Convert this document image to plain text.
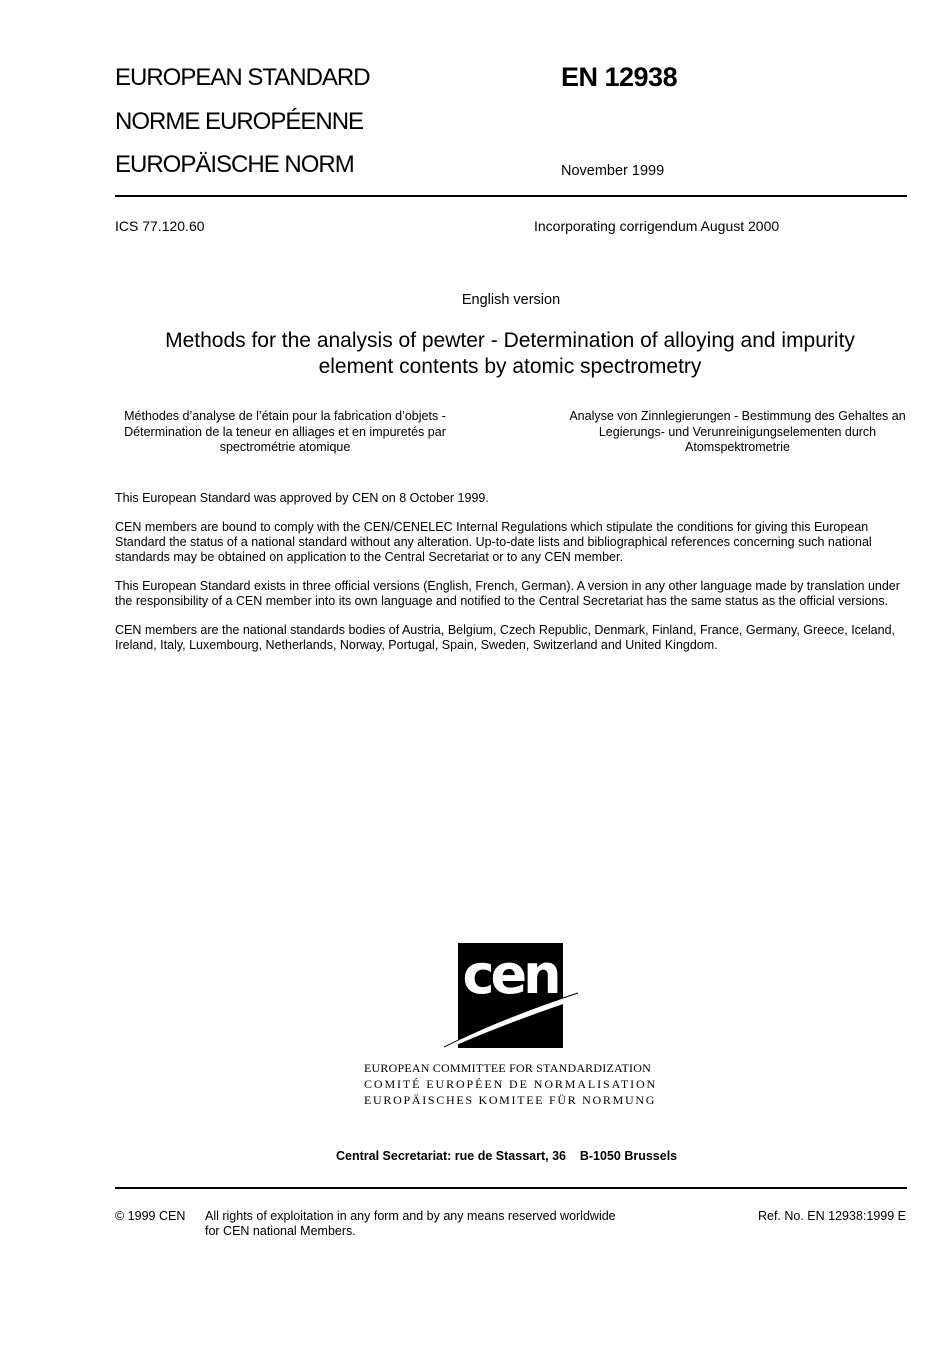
EUROPEAN STANDARD
NORME EUROPÉENNE
EUROPÄISCHE NORM
EN 12938
November 1999
ICS 77.120.60	Incorporating corrigendum August 2000
English version
Methods for the analysis of pewter - Determination of alloying and impurity element contents by atomic spectrometry
Méthodes d’analyse de l’étain pour la fabrication d’objets - Détermination de la teneur en alliages et en impuretés par spectrométrie atomique
Analyse von Zinnlegierungen - Bestimmung des Gehaltes an Legierungs- und Verunreinigungselementen durch Atomspektrometrie

This European Standard was approved by CEN on 8 October 1999.

CEN members are bound to comply with the CEN/CENELEC Internal Regulations which stipulate the conditions for giving this European Standard the status of a national standard without any alteration. Up-to-date lists and bibliographical references concerning such national standards may be obtained on application to the Central Secretariat or to any CEN member.

This European Standard exists in three official versions (English, French, German). A version in any other language made by translation under the responsibility of a CEN member into its own language and notified to the Central Secretariat has the same status as the official versions.

CEN members are the national standards bodies of Austria, Belgium, Czech Republic, Denmark, Finland, France, Germany, Greece, Iceland, Ireland, Italy, Luxembourg, Netherlands, Norway, Portugal, Spain, Sweden, Switzerland and United Kingdom.

cen
EUROPEAN COMMITTEE FOR STANDARDIZATION
COMITÉ EUROPÉEN DE NORMALISATION
EUROPÄISCHES KOMITEE FÜR NORMUNG
Central Secretariat: rue de Stassart, 36    B-1050 Brussels
© 1999 CEN All rights of exploitation in any form and by any means reserved worldwide for CEN national Members.
Ref. No. EN 12938:1999 E
